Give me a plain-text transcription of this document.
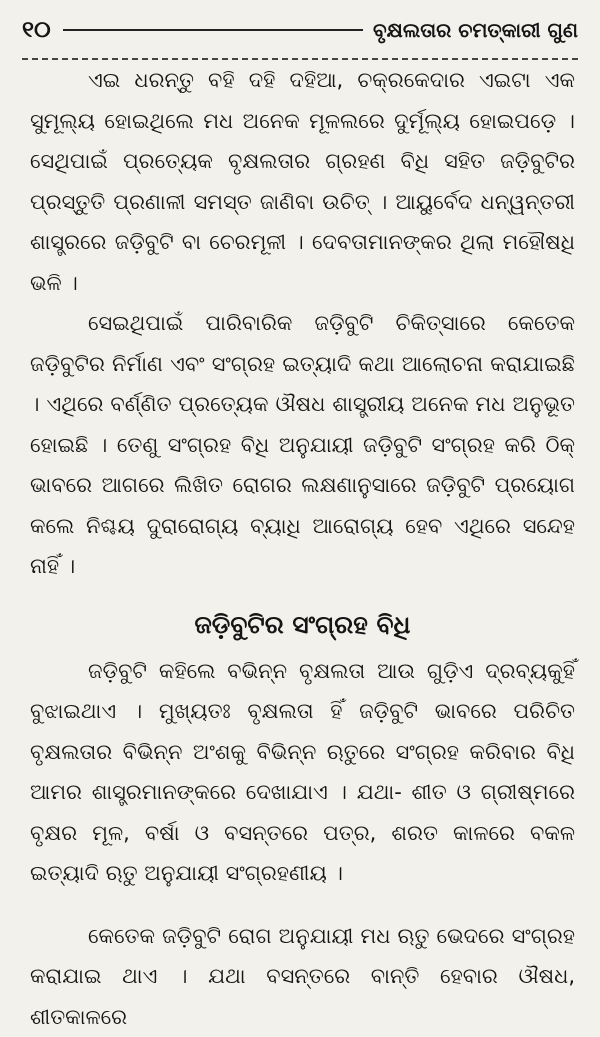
୧୦	ବୃକ୍ଷଲତାର ଚମତ୍କାରୀ ଗୁଣ

ଏଇ ଧରନ୍ତୁ ବହି ଦହି ଦହିଆ, ଚକ୍ରକେଦାର ଏଇଟା ଏକ ସୁମୂଲ୍ୟ ହୋଇଥିଲେ ମଧ ଅନେକ ମୂଳଲରେ ଦୁର୍ମୂଲ୍ୟ ହୋଇପଡ଼େ । ସେଥିପାଇଁ ପ୍ରତ୍ୟେକ ବୃକ୍ଷଲତାର ଗ୍ରହଣ ବିଧି ସହିତ ଜଡ଼ିବୁଟିର ପ୍ରସ୍ତୁତି ପ୍ରଣାଳୀ ସମସ୍ତ ଜାଣିବା ଉଚିତ୍ । ଆୟୁର୍ବେଦ ଧନ୍ୱନ୍ତରୀ ଶାସ୍ତ୍ରରେ ଜଡ଼ିବୁଟି ବା ଚେରମୂଳୀ । ଦେବତାମାନଙ୍କର ଥିଲା ମହୌଷଧି ଭଳି ।

ସେଇଥିପାଇଁ ପାରିବାରିକ ଜଡ଼ିବୁଟି ଚିକିତ୍ସାରେ କେତେକ ଜଡ଼ିବୁଟିର ନିର୍ମାଣ ଏବଂ ସଂଗ୍ରହ ଇତ୍ୟାଦି କଥା ଆଲୋଚନା କରାଯାଇଛି । ଏଥିରେ ବର୍ଣ୍ଣିତ ପ୍ରତ୍ୟେକ ଔଷଧ ଶାସ୍ତ୍ରୀୟ ଅନେକ ମଧ ଅନୁଭୂତ ହୋଇଛି । ତେଣୁ ସଂଗ୍ରହ ବିଧି ଅନୁଯାୟୀ ଜଡ଼ିବୁଟି ସଂଗ୍ରହ କରି ଠିକ୍ ଭାବରେ ଆଗରେ ଲିଖିତ ରୋଗର ଲକ୍ଷଣାନୁସାରେ ଜଡ଼ିବୁଟି ପ୍ରୟୋଗ କଲେ ନିଶ୍ଚୟ ଦୁରାରୋଗ୍ୟ ବ୍ୟାଧି ଆରୋଗ୍ୟ ହେବ ଏଥିରେ ସନ୍ଦେହ ନାହିଁ ।

ଜଡ଼ିବୁଟିର ସଂଗ୍ରହ ବିଧି

ଜଡ଼ିବୁଟି କହିଲେ ବଭିନ୍ନ ବୃକ୍ଷଲତା ଆଉ ଗୁଡ଼ିଏ ଦ୍ରବ୍ୟକୁହିଁ ବୁଝାଇଥାଏ । ମୁଖ୍ୟତଃ ବୃକ୍ଷଲତା ହିଁ ଜଡ଼ିବୁଟି ଭାବରେ ପରିଚିତ ବୃକ୍ଷଲତାର ବିଭିନ୍ନ ଅଂଶକୁ ବିଭିନ୍ନ ଋତୁରେ ସଂଗ୍ରହ କରିବାର ବିଧି ଆମର ଶାସ୍ତ୍ରମାନଙ୍କରେ ଦେଖାଯାଏ । ଯଥା- ଶୀତ ଓ ଗ୍ରୀଷ୍ମରେ ବୃକ୍ଷର ମୂଳ, ବର୍ଷା ଓ ବସନ୍ତରେ ପତ୍ର, ଶରତ କାଳରେ ବକଳ ଇତ୍ୟାଦି ଋତୁ ଅନୁଯାୟୀ ସଂଗ୍ରହଣୀୟ ।

କେତେକ ଜଡ଼ିବୁଟି ରୋଗ ଅନୁଯାୟୀ ମଧ ଋତୁ ଭେଦରେ ସଂଗ୍ରହ କରାଯାଇ ଥାଏ । ଯଥା ବସନ୍ତରେ ବାନ୍ତି ହେବାର ଔଷଧ, ଶୀତକାଳରେ
